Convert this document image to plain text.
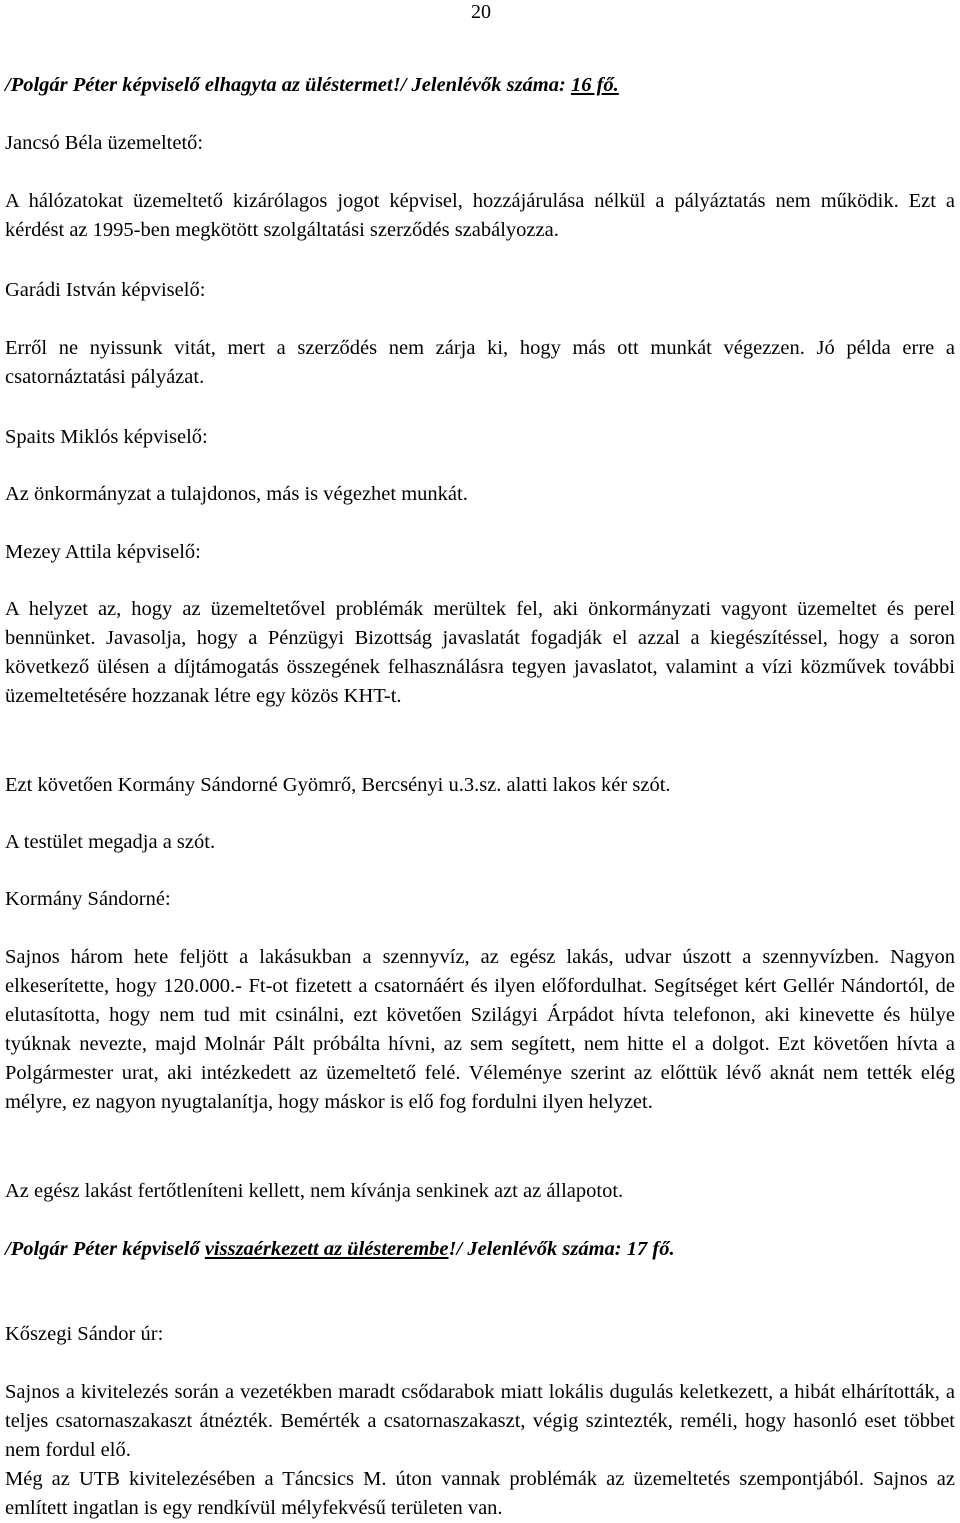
20

/Polgár Péter képviselő elhagyta az üléstermet!/ Jelenlévők száma: 16 fő.

Jancsó Béla üzemeltető:

A hálózatokat üzemeltető kizárólagos jogot képvisel, hozzájárulása nélkül a pályáztatás nem működik. Ezt a kérdést az 1995-ben megkötött szolgáltatási szerződés szabályozza.

Garádi István képviselő:

Erről ne nyissunk vitát, mert a szerződés nem zárja ki, hogy más ott munkát végezzen. Jó példa erre a csatornáztatási pályázat.

Spaits Miklós képviselő:

Az önkormányzat a tulajdonos, más is végezhet munkát.

Mezey Attila képviselő:

A helyzet az, hogy az üzemeltetővel problémák merültek fel, aki önkormányzati vagyont üzemeltet és perel bennünket. Javasolja, hogy a Pénzügyi Bizottság javaslatát fogadják el azzal a kiegészítéssel, hogy a soron következő ülésen a díjtámogatás összegének felhasználásra tegyen javaslatot, valamint a vízi közművek további üzemeltetésére hozzanak létre egy közös KHT-t.

Ezt követően Kormány Sándorné Gyömrő, Bercsényi u.3.sz. alatti lakos kér szót.

A testület megadja a szót.

Kormány Sándorné:

Sajnos három hete feljött a lakásukban a szennyvíz, az egész lakás, udvar úszott a szennyvízben. Nagyon elkeserítette, hogy 120.000.- Ft-ot fizetett a csatornáért és ilyen előfordulhat. Segítséget kért Gellér Nándortól, de elutasította, hogy nem tud mit csinálni, ezt követően Szilágyi Árpádot hívta telefonon, aki kinevette és hülye tyúknak nevezte, majd Molnár Pált próbálta hívni, az sem segített, nem hitte el a dolgot. Ezt követően hívta a Polgármester urat, aki intézkedett az üzemeltető felé. Véleménye szerint az előttük lévő aknát nem tették elég mélyre, ez nagyon nyugtalanítja, hogy máskor is elő fog fordulni ilyen helyzet.

Az egész lakást fertőtleníteni kellett, nem kívánja senkinek azt az állapotot.

/Polgár Péter képviselő visszaérkezett az ülésterembe!/ Jelenlévők száma: 17 fő.

Kőszegi Sándor úr:

Sajnos a kivitelezés során a vezetékben maradt csődarabok miatt lokális dugulás keletkezett, a hibát elhárították, a teljes csatornaszakaszt átnézték. Bemérték a csatornaszakaszt, végig szintezték, reméli, hogy hasonló eset többet nem fordul elő.

Még az UTB kivitelezésében a Táncsics M. úton vannak problémák az üzemeltetés szempontjából. Sajnos az említett ingatlan is egy rendkívül mélyfekvésű területen van.
